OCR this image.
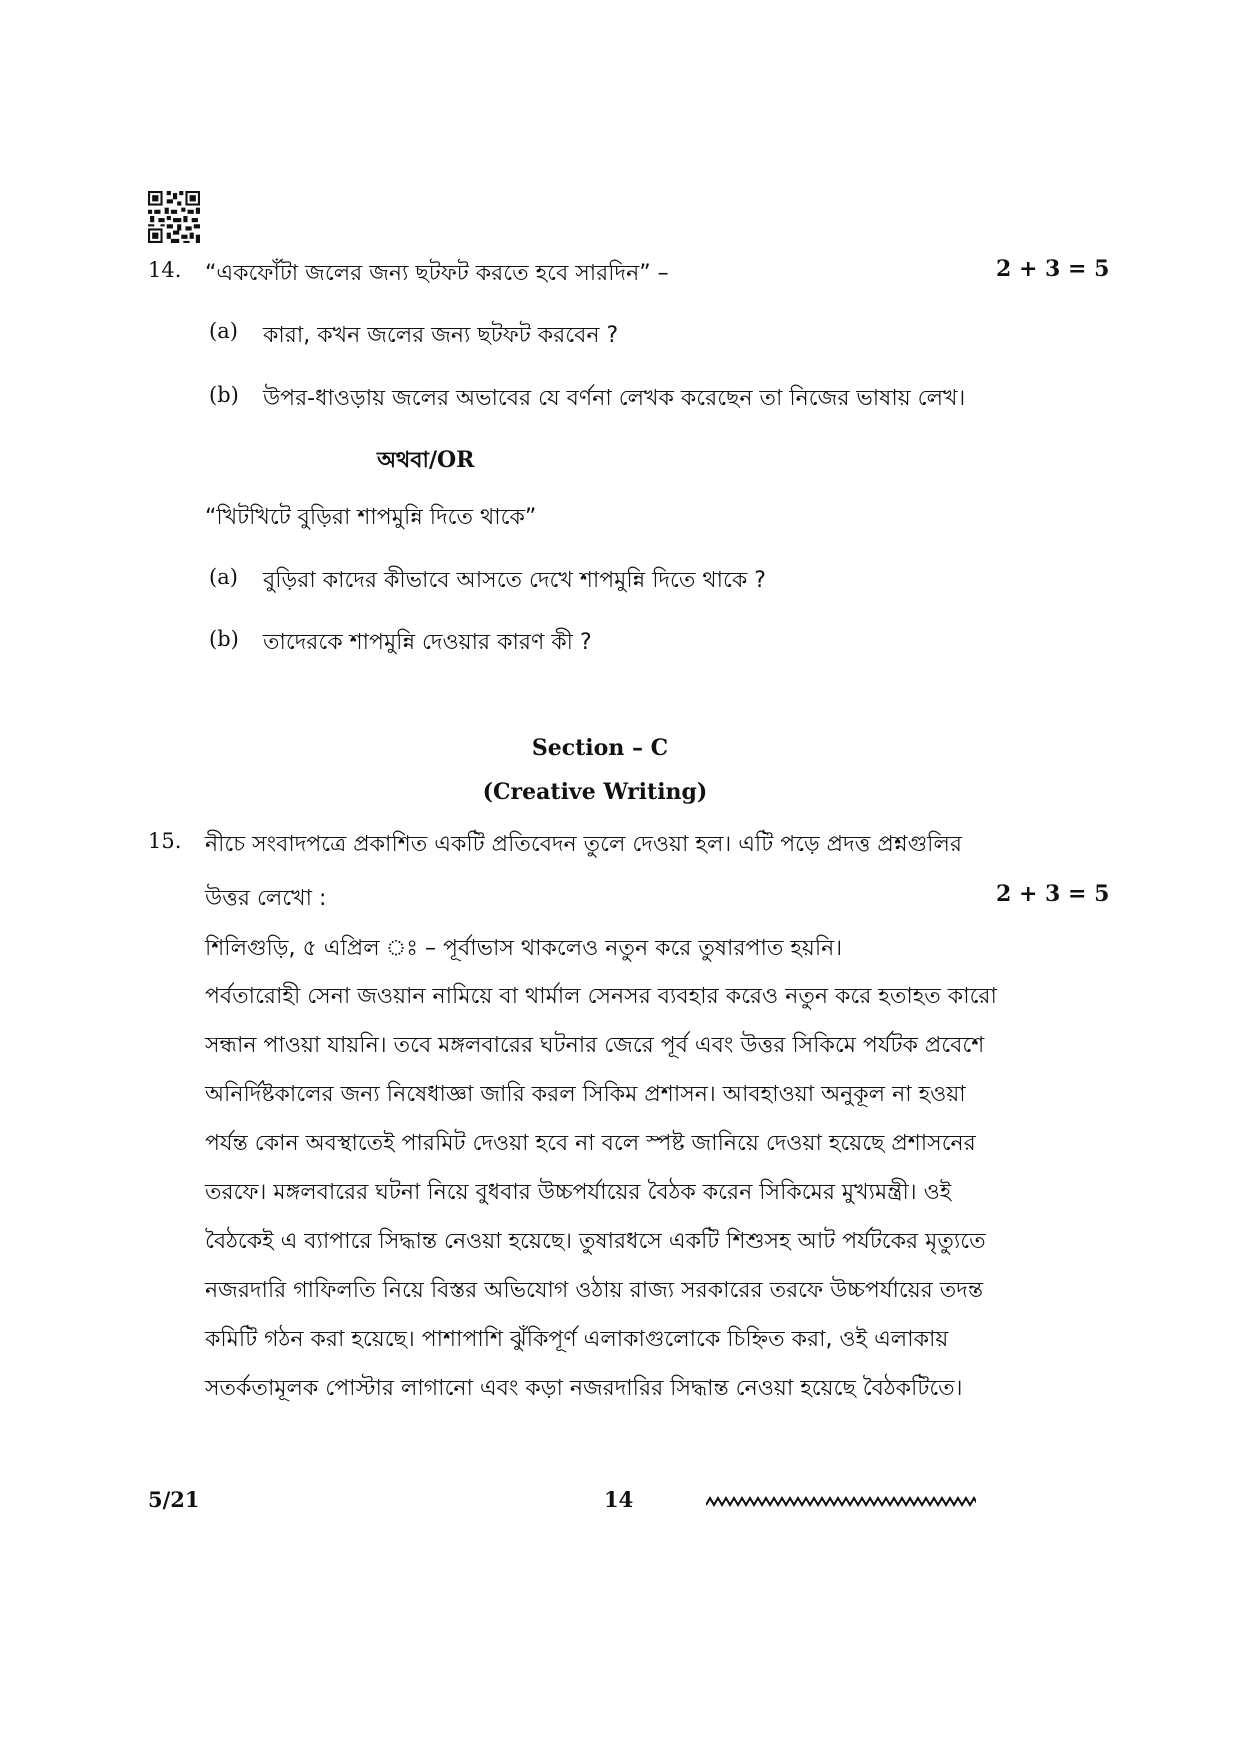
14. “একফোঁটা জলের জন্য ছটফট করতে হবে সারদিন” –	2 + 3 = 5
(a) কারা, কখন জলের জন্য ছটফট করবেন ?
(b) উপর-ধাওড়ায় জলের অভাবের যে বর্ণনা লেখক করেছেন তা নিজের ভাষায় লেখ।
অথবা/OR
“খিটখিটে বুড়িরা শাপমুন্নি দিতে থাকে”
(a) বুড়িরা কাদের কীভাবে আসতে দেখে শাপমুন্নি দিতে থাকে ?
(b) তাদেরকে শাপমুন্নি দেওয়ার কারণ কী ?
Section – C
(Creative Writing)
15. নীচে সংবাদপত্রে প্রকাশিত একটি প্রতিবেদন তুলে দেওয়া হল। এটি পড়ে প্রদত্ত প্রশ্নগুলির
উত্তর লেখো :	2 + 3 = 5
শিলিগুড়ি, ৫ এপ্রিল ঃ – পূর্বাভাস থাকলেও নতুন করে তুষারপাত হয়নি।
পর্বতারোহী সেনা জওয়ান নামিয়ে বা থার্মাল সেনসর ব্যবহার করেও নতুন করে হতাহত কারো
সন্ধান পাওয়া যায়নি। তবে মঙ্গলবারের ঘটনার জেরে পূর্ব এবং উত্তর সিকিমে পর্যটক প্রবেশে
অনির্দিষ্টকালের জন্য নিষেধাজ্ঞা জারি করল সিকিম প্রশাসন। আবহাওয়া অনুকূল না হওয়া
পর্যন্ত কোন অবস্থাতেই পারমিট দেওয়া হবে না বলে স্পষ্ট জানিয়ে দেওয়া হয়েছে প্রশাসনের
তরফে। মঙ্গলবারের ঘটনা নিয়ে বুধবার উচ্চপর্যায়ের বৈঠক করেন সিকিমের মুখ্যমন্ত্রী। ওই
বৈঠকেই এ ব্যাপারে সিদ্ধান্ত নেওয়া হয়েছে। তুষারধসে একটি শিশুসহ আট পর্যটকের মৃত্যুতে
নজরদারি গাফিলতি নিয়ে বিস্তর অভিযোগ ওঠায় রাজ্য সরকারের তরফে উচ্চপর্যায়ের তদন্ত
কমিটি গঠন করা হয়েছে। পাশাপাশি ঝুঁকিপূর্ণ এলাকাগুলোকে চিহ্নিত করা, ওই এলাকায়
সতর্কতামূলক পোস্টার লাগানো এবং কড়া নজরদারির সিদ্ধান্ত নেওয়া হয়েছে বৈঠকটিতে।
5/21	14
